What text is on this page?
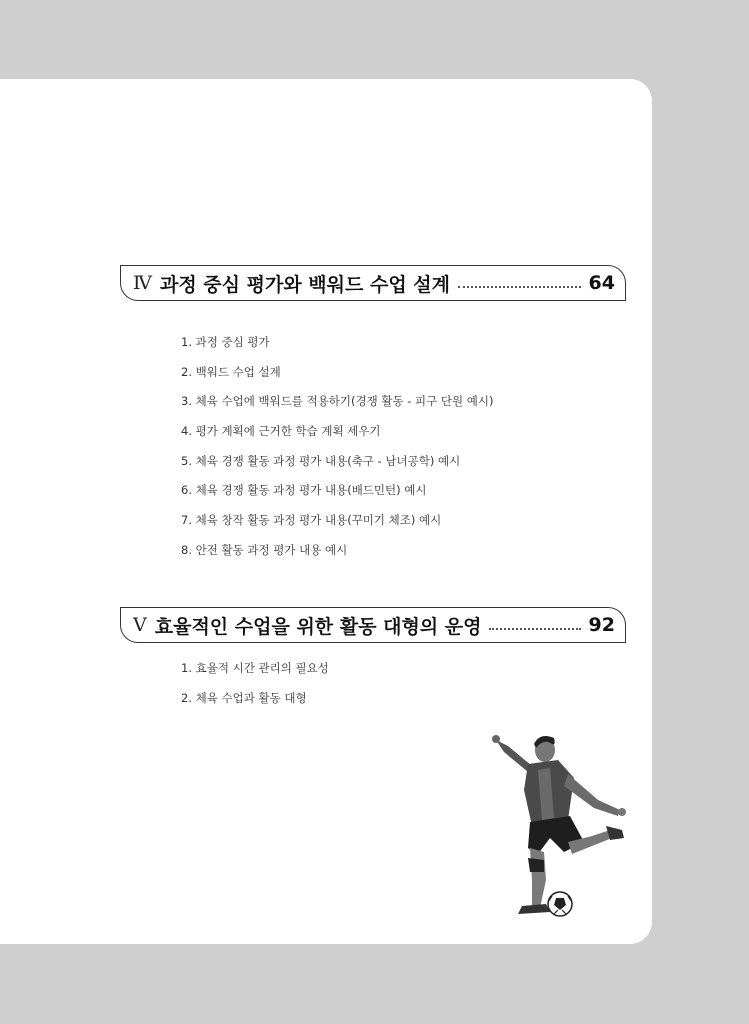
Ⅳ 과정 중심 평가와 백워드 수업 설계	64
1. 과정 중심 평가
2. 백워드 수업 설계
3. 체육 수업에 백워드를 적용하기(경쟁 활동 - 피구 단원 예시)
4. 평가 계획에 근거한 학습 계획 세우기
5. 체육 경쟁 활동 과정 평가 내용(축구 - 남녀공학) 예시
6. 체육 경쟁 활동 과정 평가 내용(배드민턴) 예시
7. 체육 창작 활동 과정 평가 내용(꾸미기 체조) 예시
8. 안전 활동 과정 평가 내용 예시
Ⅴ 효율적인 수업을 위한 활동 대형의 운영	92
1. 효율적 시간 관리의 필요성
2. 체육 수업과 활동 대형
